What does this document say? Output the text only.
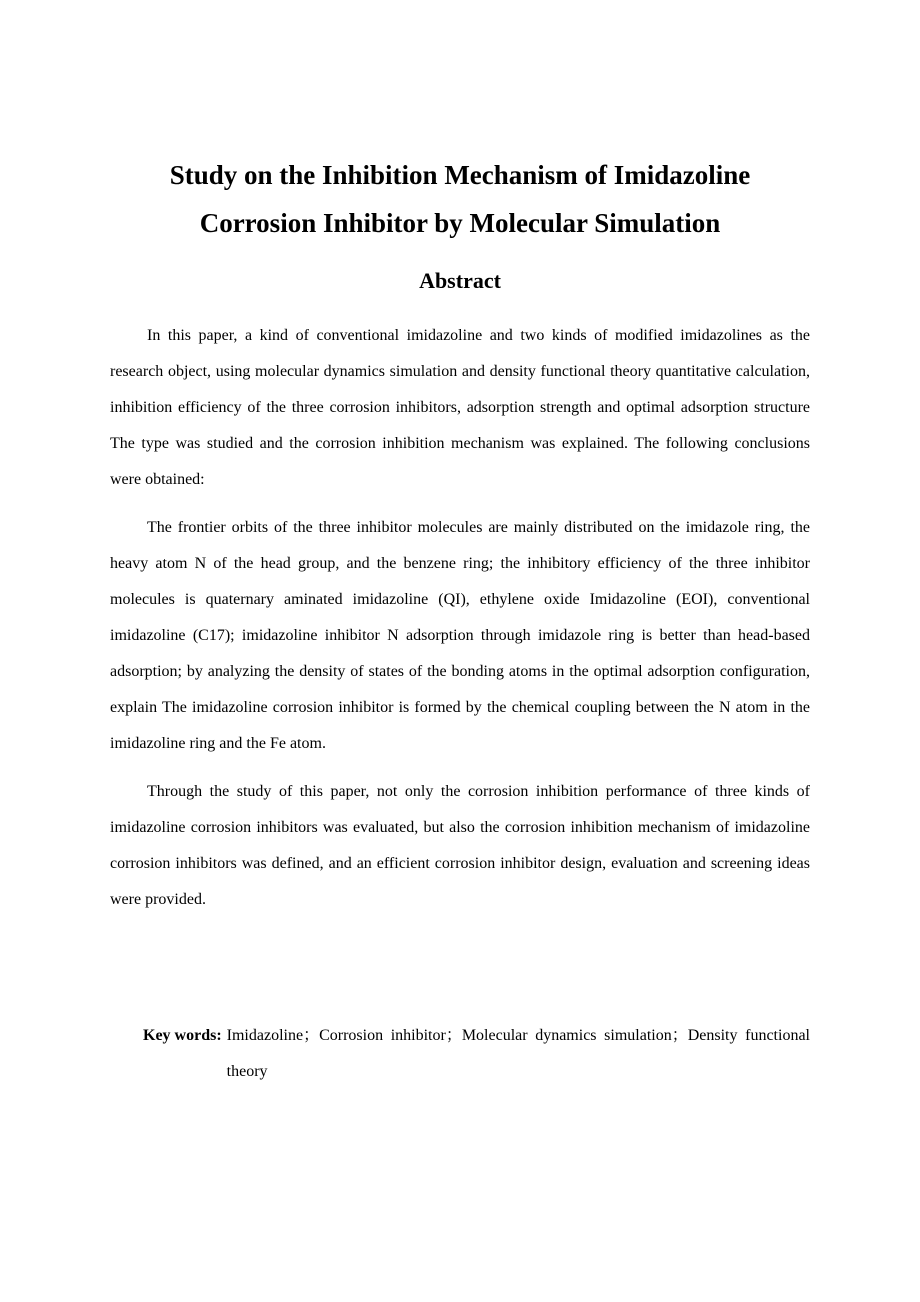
Study on the Inhibition Mechanism of Imidazoline
Corrosion Inhibitor by Molecular Simulation
Abstract

In this paper, a kind of conventional imidazoline and two kinds of modified imidazolines as the research object, using molecular dynamics simulation and density functional theory quantitative calculation, inhibition efficiency of the three corrosion inhibitors, adsorption strength and optimal adsorption structure The type was studied and the corrosion inhibition mechanism was explained. The following conclusions were obtained:

The frontier orbits of the three inhibitor molecules are mainly distributed on the imidazole ring, the heavy atom N of the head group, and the benzene ring; the inhibitory efficiency of the three inhibitor molecules is quaternary aminated imidazoline (QI), ethylene oxide Imidazoline (EOI), conventional imidazoline (C17); imidazoline inhibitor N adsorption through imidazole ring is better than head-based adsorption; by analyzing the density of states of the bonding atoms in the optimal adsorption configuration, explain The imidazoline corrosion inhibitor is formed by the chemical coupling between the N atom in the imidazoline ring and the Fe atom.

Through the study of this paper, not only the corrosion inhibition performance of three kinds of imidazoline corrosion inhibitors was evaluated, but also the corrosion inhibition mechanism of imidazoline corrosion inhibitors was defined, and an efficient corrosion inhibitor design, evaluation and screening ideas were provided.

Key words: Imidazoline；Corrosion inhibitor；Molecular dynamics simulation；Density functional theory
